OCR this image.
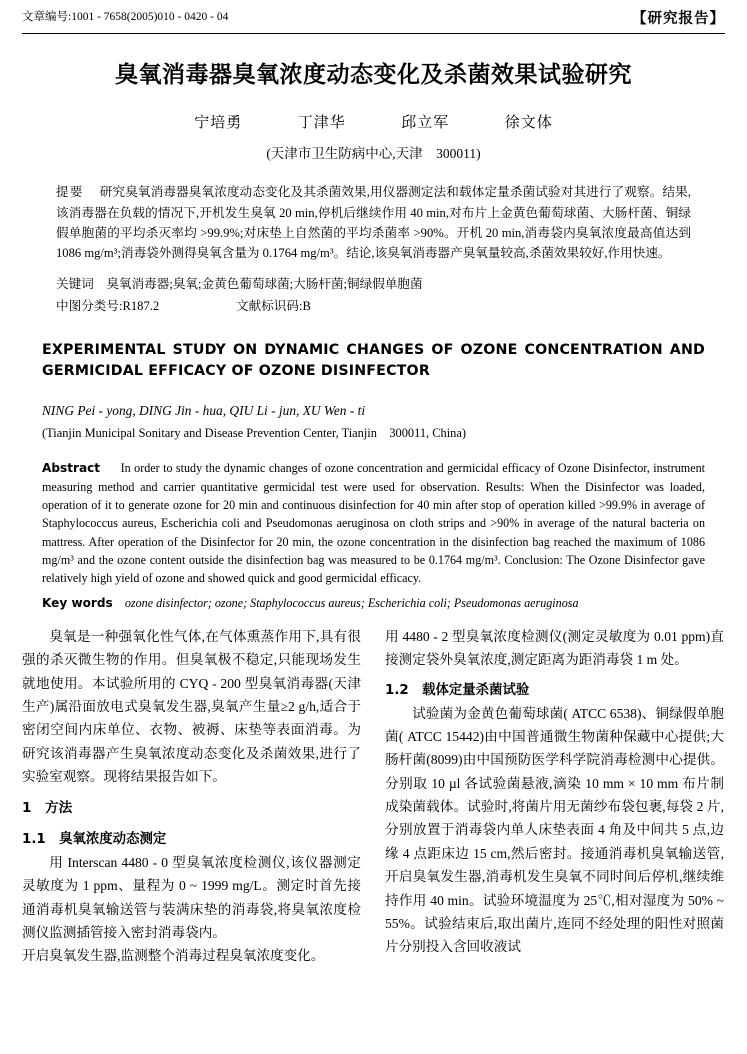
文章编号:1001 - 7658(2005)010 - 0420 - 04	【研究报告】
臭氧消毒器臭氧浓度动态变化及杀菌效果试验研究
宁培勇	丁津华	邱立军	徐文体
(天津市卫生防病中心,天津　300011)
提要 研究臭氧消毒器臭氧浓度动态变化及其杀菌效果,用仪器测定法和载体定量杀菌试验对其进行了观察。结果,该消毒器在负载的情况下,开机发生臭氧 20 min,停机后继续作用 40 min,对布片上金黄色葡萄球菌、大肠杆菌、铜绿假单胞菌的平均杀灭率均 >99.9%;对床垫上自然菌的平均杀菌率 >90%。开机 20 min,消毒袋内臭氧浓度最高值达到 1086 mg/m³;消毒袋外测得臭氧含量为 0.1764 mg/m³。结论,该臭氧消毒器产臭氧量较高,杀菌效果较好,作用快速。
关键词 臭氧消毒器;臭氧;金黄色葡萄球菌;大肠杆菌;铜绿假单胞菌
中图分类号:R187.2	文献标识码:B
EXPERIMENTAL STUDY ON DYNAMIC CHANGES OF OZONE CONCENTRATION AND GERMICIDAL EFFICACY OF OZONE DISINFECTOR
NING Pei - yong, DING Jin - hua, QIU Li - jun, XU Wen - ti
(Tianjin Municipal Sonitary and Disease Prevention Center, Tianjin　300011, China)
Abstract In order to study the dynamic changes of ozone concentration and germicidal efficacy of Ozone Disinfector, instrument measuring method and carrier quantitative germicidal test were used for observation. Results: When the Disinfector was loaded, operation of it to generate ozone for 20 min and continuous disinfection for 40 min after stop of operation killed >99.9% in average of Staphylococcus aureus, Escherichia coli and Pseudomonas aeruginosa on cloth strips and >90% in average of the natural bacteria on mattress. After operation of the Disinfector for 20 min, the ozone concentration in the disinfection bag reached the maximum of 1086 mg/m³ and the ozone content outside the disinfection bag was measured to be 0.1764 mg/m³. Conclusion: The Ozone Disinfector gave relatively high yield of ozone and showed quick and good germicidal efficacy.
Key words ozone disinfector; ozone; Staphylococcus aureus; Escherichia coli; Pseudomonas aeruginosa

臭氧是一种强氧化性气体,在气体熏蒸作用下,具有很强的杀灭微生物的作用。但臭氧极不稳定,只能现场发生就地使用。本试验所用的 CYQ - 200 型臭氧消毒器(天津生产)属沿面放电式臭氧发生器,臭氧产生量≥2 g/h,适合于密闭空间内床单位、衣物、被褥、床垫等表面消毒。为研究该消毒器产生臭氧浓度动态变化及杀菌效果,进行了实验室观察。现将结果报告如下。

1　方法
1.1　臭氧浓度动态测定

用 Interscan 4480 - 0 型臭氧浓度检测仪,该仪器测定灵敏度为 1 ppm、量程为 0 ~ 1999 mg/L。测定时首先接通消毒机臭氧输送管与装满床垫的消毒袋,将臭氧浓度检测仪监测插管接入密封消毒袋内。

开启臭氧发生器,监测整个消毒过程臭氧浓度变化。

用 4480 - 2 型臭氧浓度检测仪(测定灵敏度为 0.01 ppm)直接测定袋外臭氧浓度,测定距离为距消毒袋 1 m 处。

1.2　载体定量杀菌试验

试验菌为金黄色葡萄球菌( ATCC 6538)、铜绿假单胞菌( ATCC 15442)由中国普通微生物菌种保藏中心提供;大肠杆菌(8099)由中国预防医学科学院消毒检测中心提供。分别取 10 µl 各试验菌悬液,滴染 10 mm × 10 mm 布片制成染菌载体。试验时,将菌片用无菌纱布袋包裹,每袋 2 片,分别放置于消毒袋内单人床垫表面 4 角及中间共 5 点,边缘 4 点距床边 15 cm,然后密封。接通消毒机臭氧输送管,开启臭氧发生器,消毒机发生臭氧不同时间后停机,继续维持作用 40 min。试验环境温度为 25℃,相对湿度为 50% ~ 55%。试验结束后,取出菌片,连同不经处理的阳性对照菌片分别投入含回收液试
